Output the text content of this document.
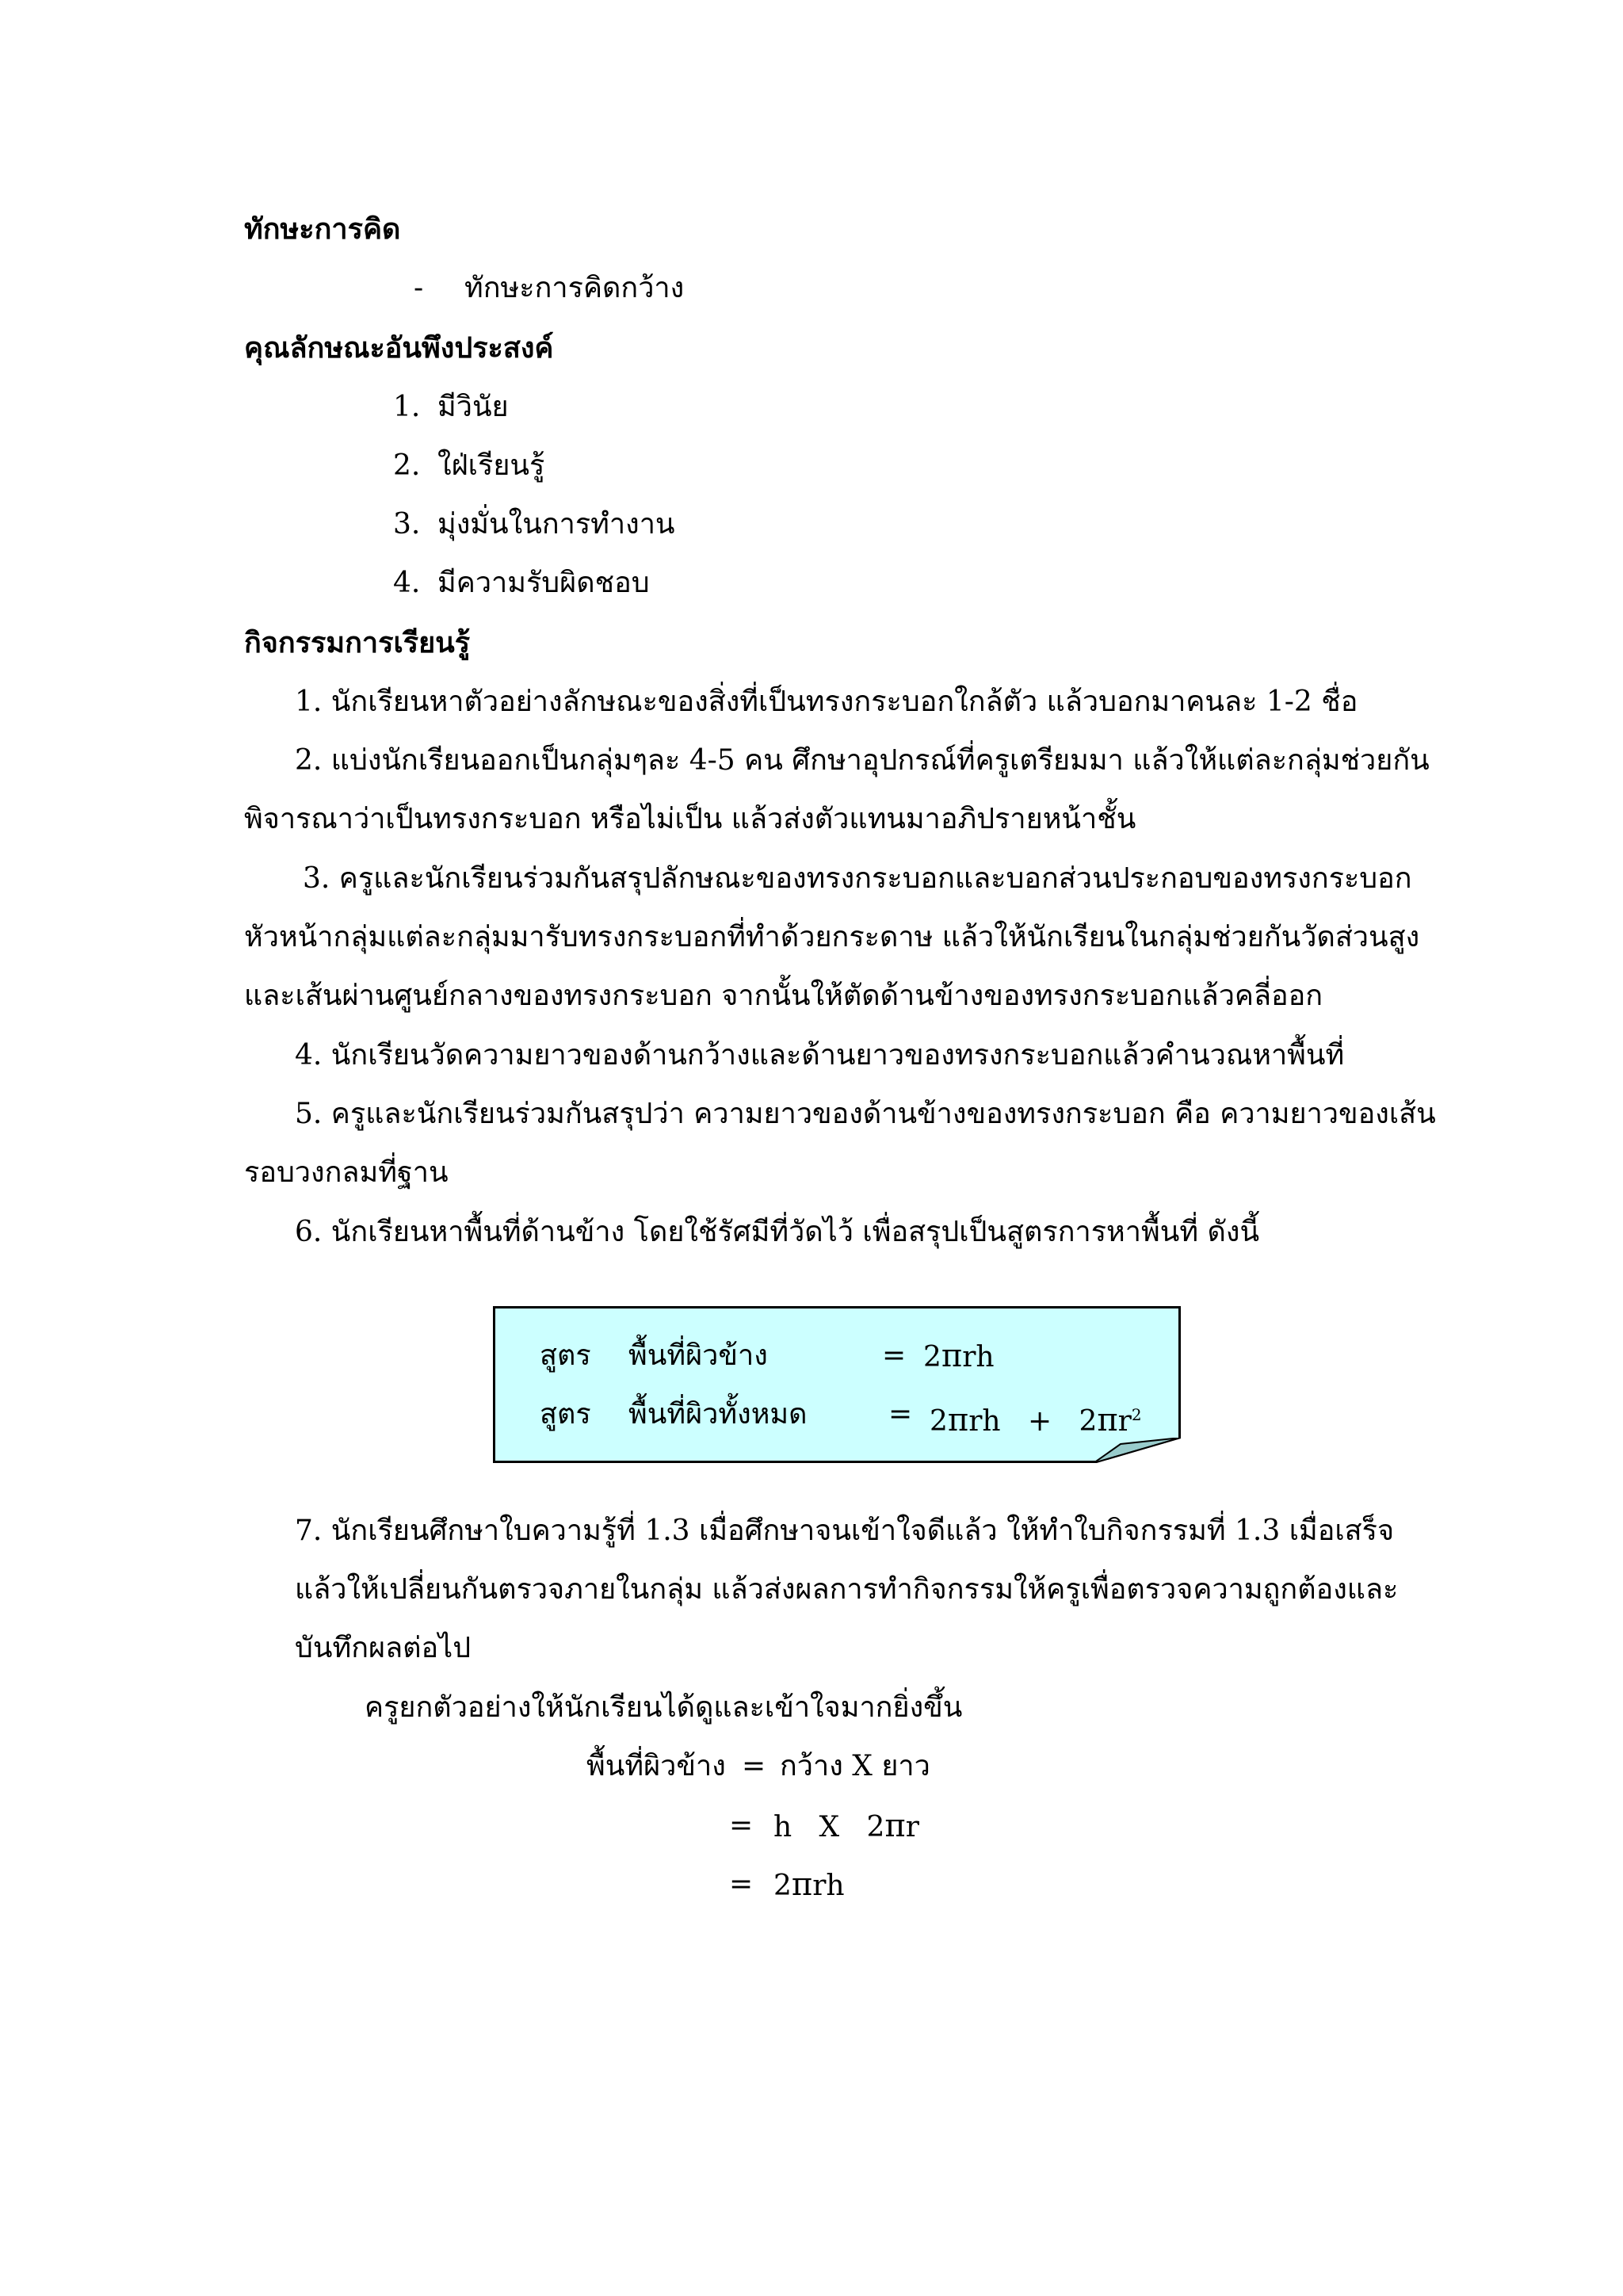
ทักษะการคิด
- ทักษะการคิดกว้าง
คุณลักษณะอันพึงประสงค์
1. มีวินัย
2. ใฝ่เรียนรู้
3. มุ่งมั่นในการทำงาน
4. มีความรับผิดชอบ
กิจกรรมการเรียนรู้
1. นักเรียนหาตัวอย่างลักษณะของสิ่งที่เป็นทรงกระบอกใกล้ตัว แล้วบอกมาคนละ 1-2 ชื่อ
2. แบ่งนักเรียนออกเป็นกลุ่มๆละ 4-5 คน ศึกษาอุปกรณ์ที่ครูเตรียมมา แล้วให้แต่ละกลุ่มช่วยกัน
พิจารณาว่าเป็นทรงกระบอก หรือไม่เป็น แล้วส่งตัวแทนมาอภิปรายหน้าชั้น
3. ครูและนักเรียนร่วมกันสรุปลักษณะของทรงกระบอกและบอกส่วนประกอบของทรงกระบอก
หัวหน้ากลุ่มแต่ละกลุ่มมารับทรงกระบอกที่ทำด้วยกระดาษ แล้วให้นักเรียนในกลุ่มช่วยกันวัดส่วนสูง
และเส้นผ่านศูนย์กลางของทรงกระบอก จากนั้นให้ตัดด้านข้างของทรงกระบอกแล้วคลี่ออก
4. นักเรียนวัดความยาวของด้านกว้างและด้านยาวของทรงกระบอกแล้วคำนวณหาพื้นที่
5. ครูและนักเรียนร่วมกันสรุปว่า ความยาวของด้านข้างของทรงกระบอก คือ ความยาวของเส้น
รอบวงกลมที่ฐาน
6. นักเรียนหาพื้นที่ด้านข้าง โดยใช้รัศมีที่วัดไว้ เพื่อสรุปเป็นสูตรการหาพื้นที่ ดังนี้
สูตร พื้นที่ผิวข้าง	= 2πrh
สูตร พื้นที่ผิวทั้งหมด	= $2\pi rh + 2\pi r^2$
7. นักเรียนศึกษาใบความรู้ที่ 1.3 เมื่อศึกษาจนเข้าใจดีแล้ว ให้ทำใบกิจกรรมที่ 1.3 เมื่อเสร็จ
แล้วให้เปลี่ยนกันตรวจภายในกลุ่ม แล้วส่งผลการทำกิจกรรมให้ครูเพื่อตรวจความถูกต้องและ
บันทึกผลต่อไป
ครูยกตัวอย่างให้นักเรียนได้ดูและเข้าใจมากยิ่งขึ้น
พื้นที่ผิวข้าง = กว้าง X ยาว
= h X 2πr
= 2πrh
